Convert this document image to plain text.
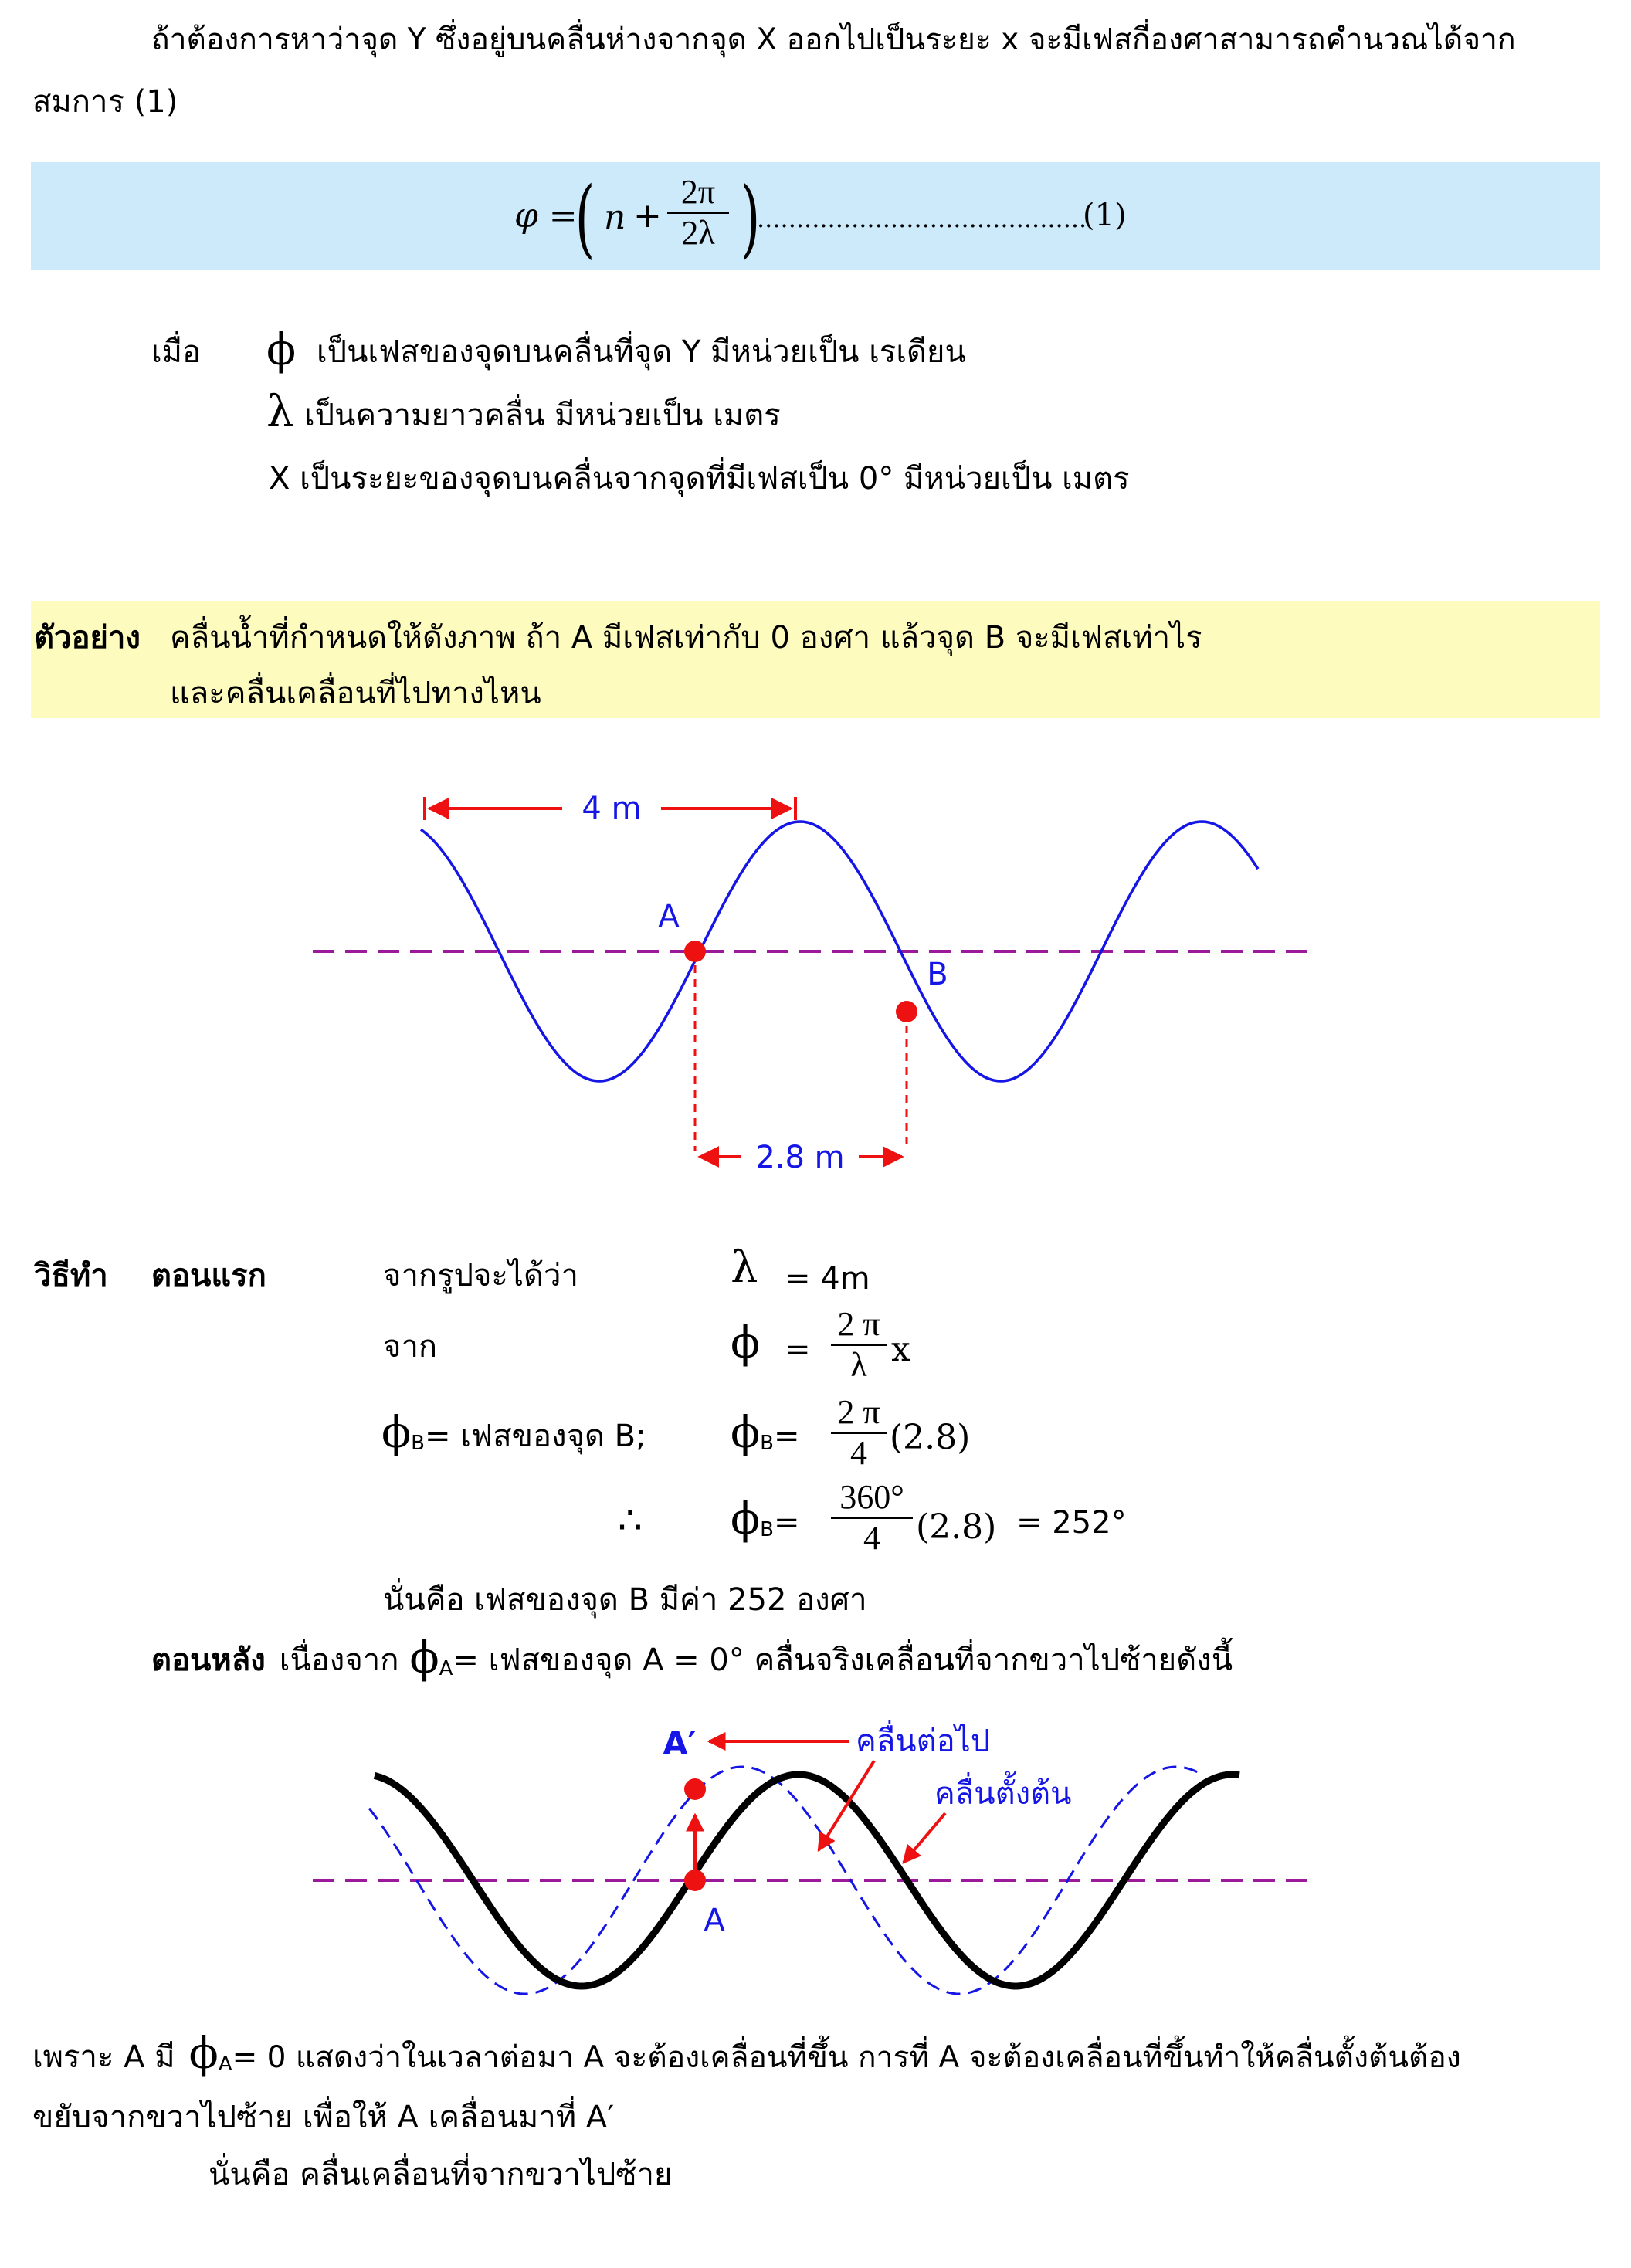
ถ้าต้องการหาว่าจุด Y ซึ่งอยู่บนคลื่นห่างจากจุด X ออกไปเป็นระยะ x จะมีเฟสกี่องศาสามารถคำนวณได้จาก
สมการ (1)
φ =
( n +
2π
2λ )
..........................................
(1)
เมื่อ ϕ เป็นเฟสของจุดบนคลื่นที่จุด Y มีหน่วยเป็น เรเดียน
λ เป็นความยาวคลื่น มีหน่วยเป็น เมตร
X เป็นระยะของจุดบนคลื่นจากจุดที่มีเฟสเป็น 0° มีหน่วยเป็น เมตร
ตัวอย่าง คลื่นน้ำที่กำหนดให้ดังภาพ ถ้า A มีเฟสเท่ากับ 0 องศา แล้วจุด B จะมีเฟสเท่าไร
และคลื่นเคลื่อนที่ไปทางไหน
4 m
A
B
2.8 m
วิธีทำ ตอนแรก	จากรูปจะได้ว่า	λ = 4m
จาก	ϕ =
2 π
λ x
ϕ B = เฟสของจุด B; ϕ B =
2 π
4 (2.8)
∴ ϕ B =
360°
4	(2.8) = 252°
นั่นคือ เฟสของจุด B มีค่า 252 องศา
ตอนหลัง เนื่องจาก ϕ A = เฟสของจุด A = 0° คลื่นจริงเคลื่อนที่จากขวาไปซ้ายดังนี้
A′
A
คลื่นต่อไป
คลื่นตั้งต้น
เพราะ A มี ϕ A = 0 แสดงว่าในเวลาต่อมา A จะต้องเคลื่อนที่ขึ้น การที่ A จะต้องเคลื่อนที่ขึ้นทำให้คลื่นตั้งต้นต้อง
ขยับจากขวาไปซ้าย เพื่อให้ A เคลื่อนมาที่ A′
นั่นคือ คลื่นเคลื่อนที่จากขวาไปซ้าย
